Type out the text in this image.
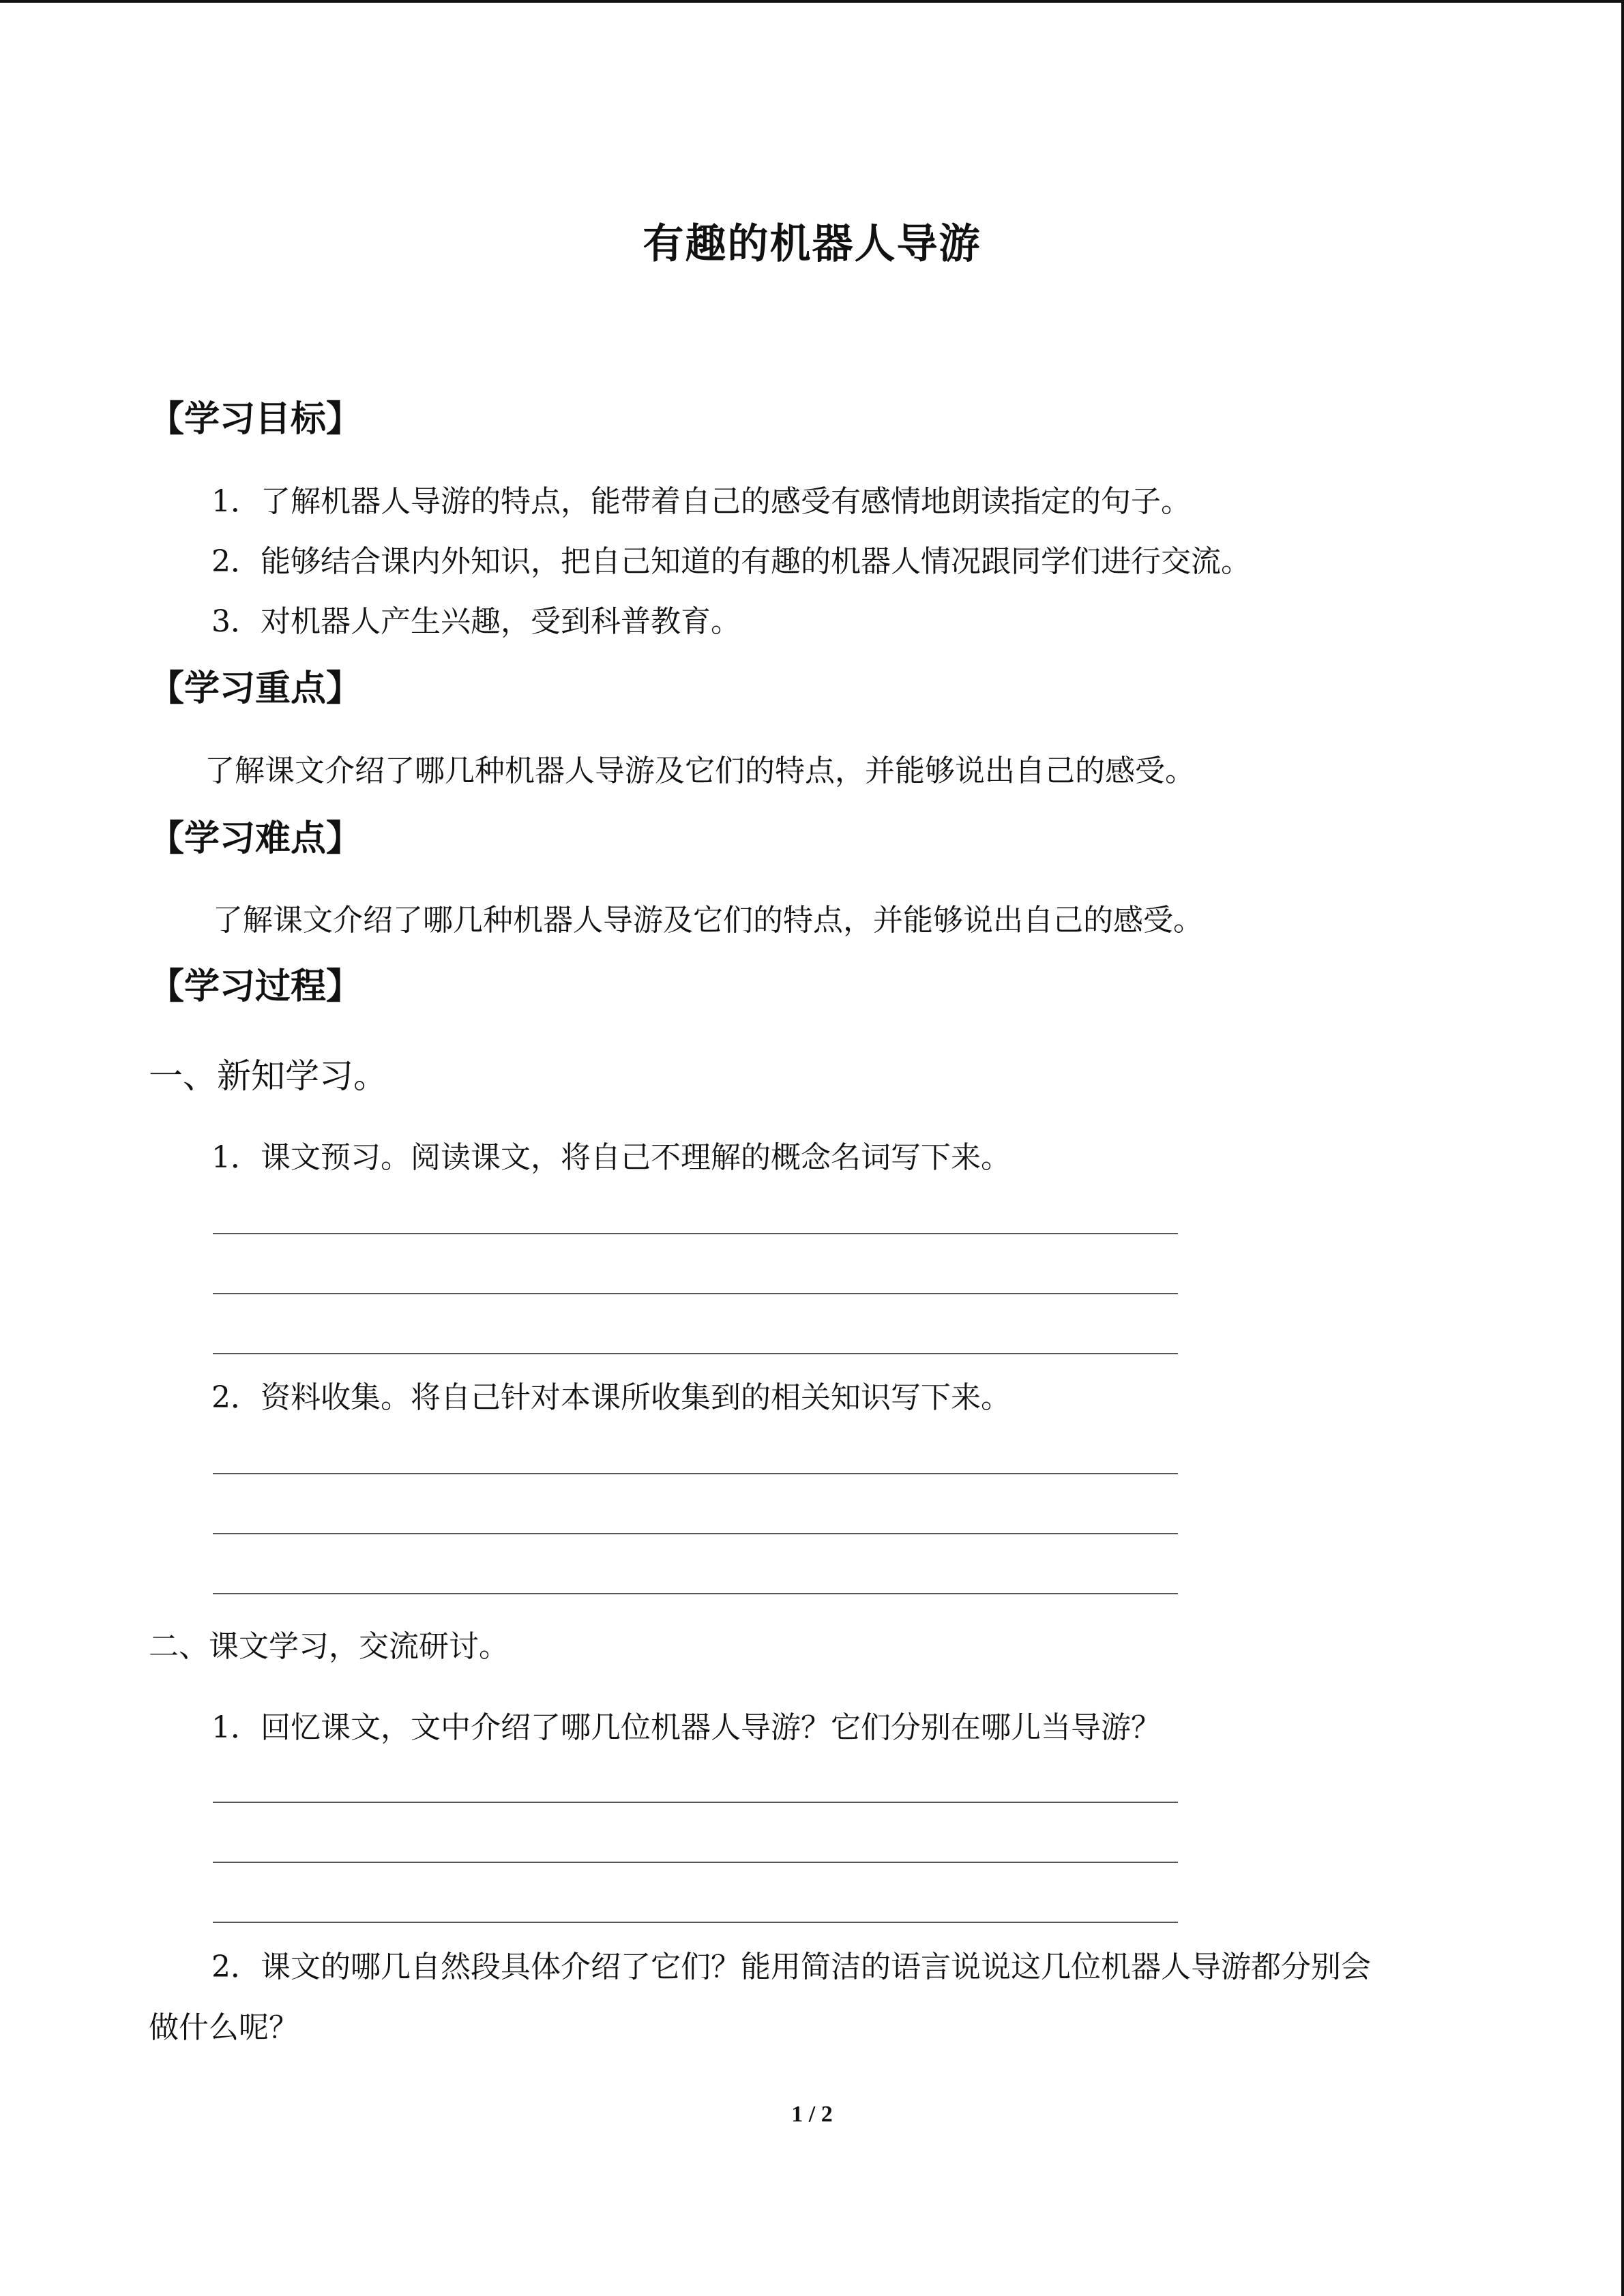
有趣的机器人导游
【学习目标】
1．了解机器人导游的特点，能带着自己的感受有感情地朗读指定的句子。
2．能够结合课内外知识，把自己知道的有趣的机器人情况跟同学们进行交流。
3．对机器人产生兴趣，受到科普教育。
【学习重点】
了解课文介绍了哪几种机器人导游及它们的特点，并能够说出自己的感受。
【学习难点】
了解课文介绍了哪几种机器人导游及它们的特点，并能够说出自己的感受。
【学习过程】
一、新知学习。
1．课文预习。阅读课文，将自己不理解的概念名词写下来。
2．资料收集。将自己针对本课所收集到的相关知识写下来。
二、课文学习，交流研讨。
1．回忆课文，文中介绍了哪几位机器人导游？它们分别在哪儿当导游？
2．课文的哪几自然段具体介绍了它们？能用简洁的语言说说这几位机器人导游都分别会
做什么呢？
1 / 2
